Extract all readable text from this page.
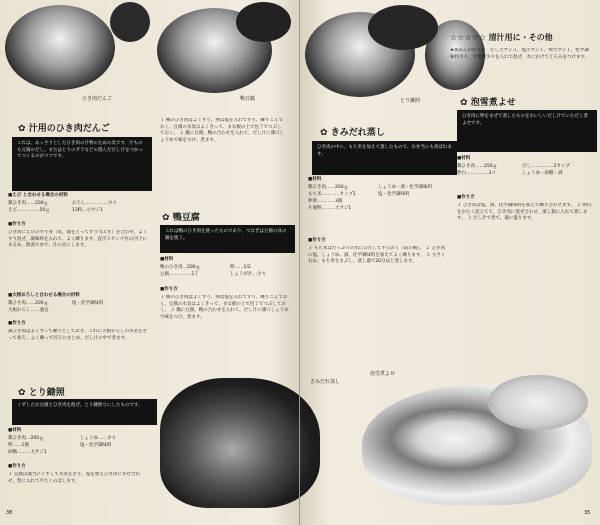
ひき肉だんご	鴨豆腐
✿ 汁用のひき肉だんご
これは、あっさりとしたひき肉の汁物のための具です。汁ものも豆腐のだし、またはとりのガラなどの澄んだだし汁をつかってつくるのがコツです。
■えび と合わせる場合の材料
鶏ひき肉……200ｇ
えび……………50ｇ
おろし……………少々
13粉…小サジ1
■作り方
ひき肉にえびのすり身（皮、頭をとってすりつぶす）を合わせ、よくすり混ぜ、調味料を入れて、よく練ります。直径２センチ位の団子にまるめ、熱湯でゆで、汁の具にします。
■大根おろしと合わせる場合の材料
鶏ひき肉……200ｇ	塩・化学調味料
大根おろし……適宜
■作り方
鶏ひき肉はよくすって練りとしておき、これに大根おろしの水気をきって加え、よく練って団子にまとめ、だし汁の中で煮ます。
✿ とり鋤照
くずしたお豆腐とひき肉を混ぜ、とり鋤照りにしたものです。
■材料
鶏ひき肉…200ｇ
卵……1個
砂糖………大サジ1
しょうゆ……少々
塩・化学調味料
■作り方
１ 豆腐は適当にくずして水気をきり、塩を加えひき肉にまぜ合わせ、型に入れて平たくのばします。
１ 鴨のひき肉はよくすり、卵は塩を入れてすり、練りこんでおく。豆腐の水気はよくきって、まな板の上で包丁でつぶしておく。 ２ 鍋に豆腐、鴨の合わせを入れて、だし汁に薄口しょうゆで味をつけ、煮ます。
✿ 鴨豆腐
これは鴨のひき肉を使ったものであり、つなぎは豆腐の具の鍋を使う。
■材料
鴨のひき肉…200ｇ
豆腐……………1丁
卵……1/2
しょうが汁…少々
■作り方
１ 鴨のひき肉はよくすり、卵は塩を入れてすり、練りこんでおく。豆腐の水気はよくきって、まな板の上で包丁でつぶしておく。 ２ 鍋に豆腐、鴨の合わせを入れて、だし汁に薄口しょうゆで味をつけ、煮ます。
38
とり鋤照
☆☆☆☆☆ 清汁用に・その他
★鶏あんの作り方　だし大サジ３、塩小サジ１、卵大サジ１、化学調味料少々、片栗粉少々を入れて混ぜ、火にかけてとろみをつけます。
✿ きみだれ蒸し
ひき肉の中に、もち米を加えて蒸したもので、お弁当にも喜ばれます。
■材料
鶏ひき肉……200ｇ
もち米…………カップ1
卵黄…………3個
片栗粉………大サジ1
しょうゆ・酒・化学調味料
塩・化学調味料
■作り方
１ もち米はたっぷりの水にひたして半日おく（前の晩）。 ２ ひき肉に塩、しょうゆ、酒、化学調味料を加えてよく練ります。 ３ 小さく丸め、もち米をまぶし、蒸し器で20分ほど蒸します。
✿ 泡雪煮よせ
ひき肉に卵をまぜて蒸したものをおいしいだし汁でいただく煮よせです。
■材料
鶏ひき肉……250ｇ
卵白……………3コ
だし……………2カップ
しょうゆ・砂糖・酒
■作り方
１ ひき肉は塩、酒、化学調味料を加えて練り合わせます。 ２ 卵白をかたく泡立てて、ひき肉に混ぜ合わせ、流し箱に入れて蒸します。 ３ だし汁で煮て、器に盛ります。
きみだれ蒸し
泡雪煮よせ
35
